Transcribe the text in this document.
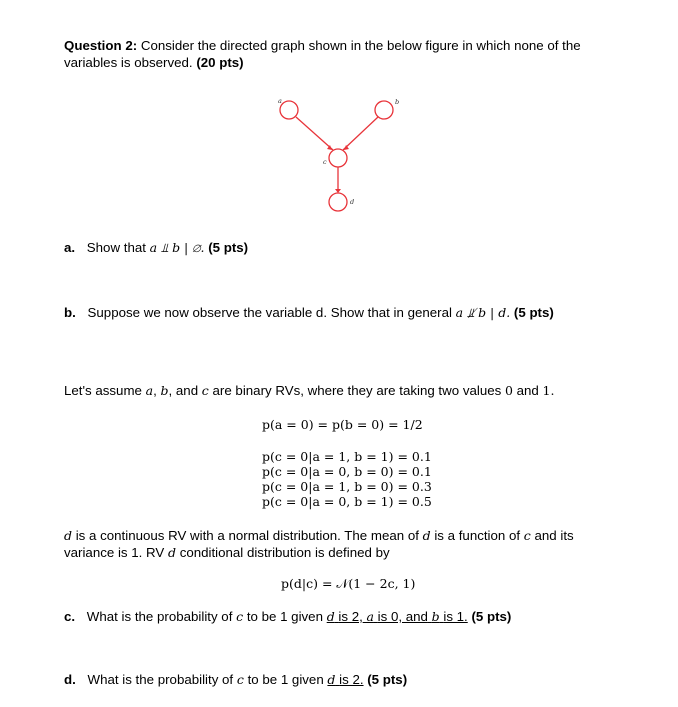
Question 2: Consider the directed graph shown in the below figure in which none of the
variables is observed. (20 pts)
a	b
c
d
a. Show that a ⫫ b | ∅. (5 pts)
b. Suppose we now observe the variable d. Show that in general a ⫫̸ b | d. (5 pts)
Let's assume a, b, and c are binary RVs, where they are taking two values 0 and 1.
p(a = 0) = p(b = 0) = 1/2
p(c = 0|a = 1, b = 1) = 0.1
p(c = 0|a = 0, b = 0) = 0.1
p(c = 0|a = 1, b = 0) = 0.3
p(c = 0|a = 0, b = 1) = 0.5
d is a continuous RV with a normal distribution. The mean of d is a function of c and its
variance is 1. RV d conditional distribution is defined by
p(d|c) = 𝒩(1 − 2c, 1)
c. What is the probability of c to be 1 given d is 2, a is 0, and b is 1. (5 pts)
d. What is the probability of c to be 1 given d is 2. (5 pts)
